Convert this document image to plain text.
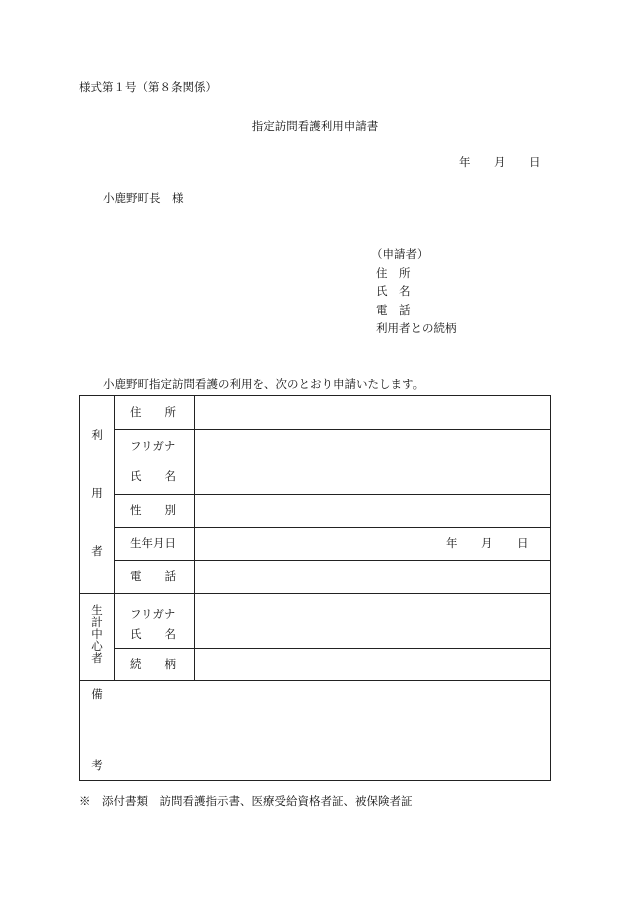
様式第１号（第８条関係）
指定訪問看護利用申請書
年 月 日
小鹿野町長　様
（申請者）
住　所
氏　名
電　話
利用者との続柄
小鹿野町指定訪問看護の利用を、次のとおり申請いたします。
利
用
者
住　　所
フリガナ
氏　　名
性　　別
生年月日
電　　話
年 月 日
生
計
中
心
者
フリガナ
氏　　名
続　　柄
備
考
※　添付書類　訪問看護指示書、医療受給資格者証、被保険者証
